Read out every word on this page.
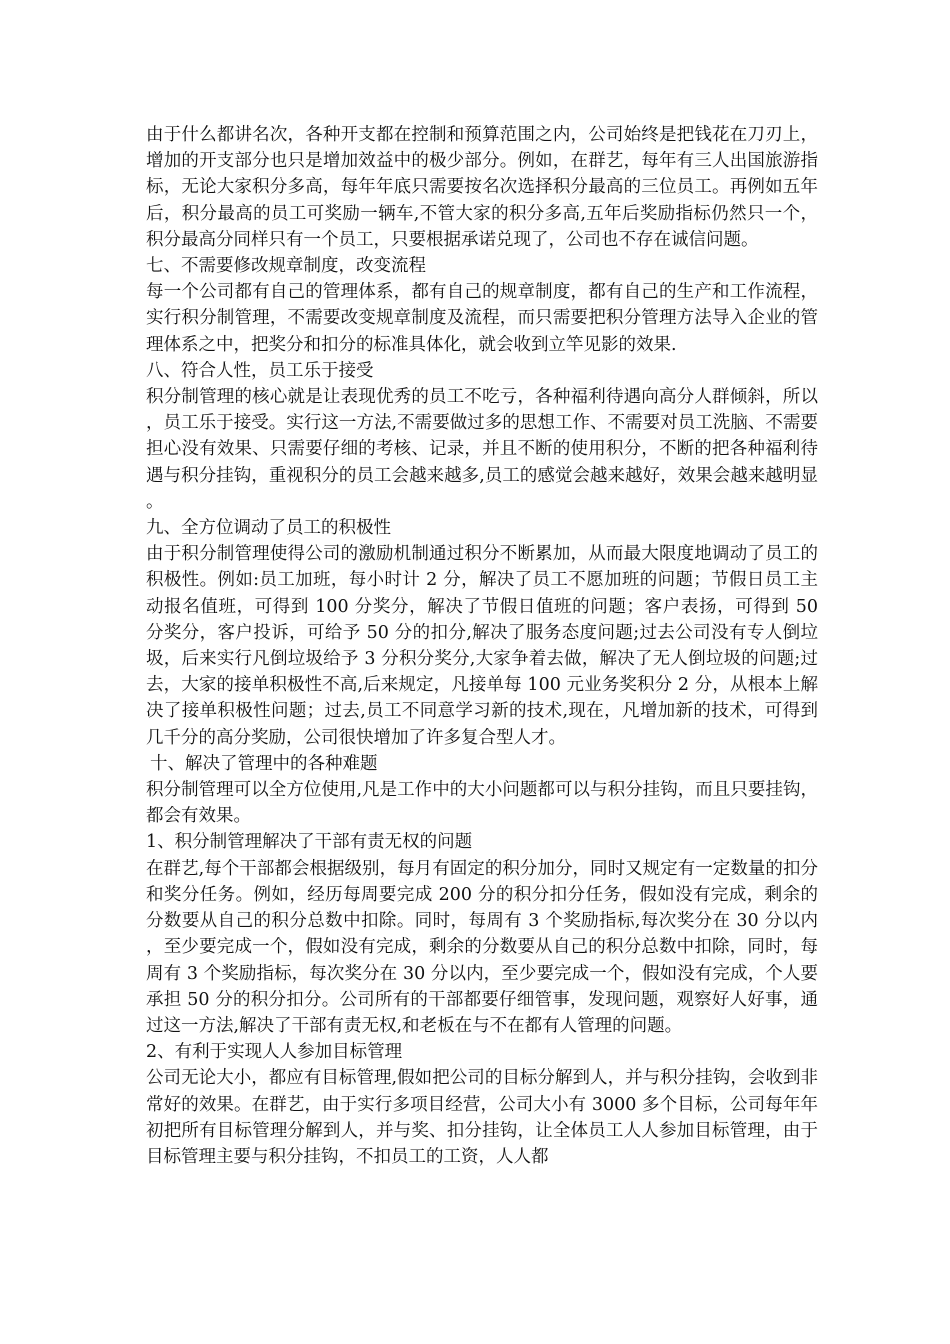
由于什么都讲名次，各种开支都在控制和预算范围之内，公司始终是把钱花在刀刃上，增加的开支部分也只是增加效益中的极少部分。例如，在群艺，每年有三人出国旅游指标，无论大家积分多高，每年年底只需要按名次选择积分最高的三位员工。再例如五年后，积分最高的员工可奖励一辆车,不管大家的积分多高,五年后奖励指标仍然只一个，积分最高分同样只有一个员工，只要根据承诺兑现了，公司也不存在诚信问题。

七、不需要修改规章制度，改变流程

每一个公司都有自己的管理体系，都有自己的规章制度，都有自己的生产和工作流程，实行积分制管理，不需要改变规章制度及流程，而只需要把积分管理方法导入企业的管理体系之中，把奖分和扣分的标准具体化，就会收到立竿见影的效果.

八、符合人性，员工乐于接受

积分制管理的核心就是让表现优秀的员工不吃亏，各种福利待遇向高分人群倾斜，所以，员工乐于接受。实行这一方法,不需要做过多的思想工作、不需要对员工洗脑、不需要担心没有效果、只需要仔细的考核、记录，并且不断的使用积分，不断的把各种福利待遇与积分挂钩，重视积分的员工会越来越多,员工的感觉会越来越好，效果会越来越明显。

九、全方位调动了员工的积极性

由于积分制管理使得公司的激励机制通过积分不断累加，从而最大限度地调动了员工的积极性。例如:员工加班，每小时计 2 分，解决了员工不愿加班的问题；节假日员工主动报名值班，可得到 100 分奖分，解决了节假日值班的问题；客户表扬，可得到 50 分奖分，客户投诉，可给予 50 分的扣分,解决了服务态度问题;过去公司没有专人倒垃圾，后来实行凡倒垃圾给予 3 分积分奖分,大家争着去做，解决了无人倒垃圾的问题;过去，大家的接单积极性不高,后来规定，凡接单每 100 元业务奖积分 2 分，从根本上解决了接单积极性问题；过去,员工不同意学习新的技术,现在，凡增加新的技术，可得到几千分的高分奖励，公司很快增加了许多复合型人才。

十、解决了管理中的各种难题

积分制管理可以全方位使用,凡是工作中的大小问题都可以与积分挂钩，而且只要挂钩，都会有效果。

1、积分制管理解决了干部有责无权的问题

在群艺,每个干部都会根据级别，每月有固定的积分加分，同时又规定有一定数量的扣分和奖分任务。例如，经历每周要完成 200 分的积分扣分任务，假如没有完成，剩余的分数要从自己的积分总数中扣除。同时，每周有 3 个奖励指标,每次奖分在 30 分以内，至少要完成一个，假如没有完成，剩余的分数要从自己的积分总数中扣除，同时，每周有 3 个奖励指标，每次奖分在 30 分以内，至少要完成一个，假如没有完成，个人要承担 50 分的积分扣分。公司所有的干部都要仔细管事，发现问题，观察好人好事，通过这一方法,解决了干部有责无权,和老板在与不在都有人管理的问题。

2、有利于实现人人参加目标管理

公司无论大小，都应有目标管理,假如把公司的目标分解到人，并与积分挂钩，会收到非常好的效果。在群艺，由于实行多项目经营，公司大小有 3000 多个目标，公司每年年初把所有目标管理分解到人，并与奖、扣分挂钩，让全体员工人人参加目标管理，由于目标管理主要与积分挂钩，不扣员工的工资，人人都
